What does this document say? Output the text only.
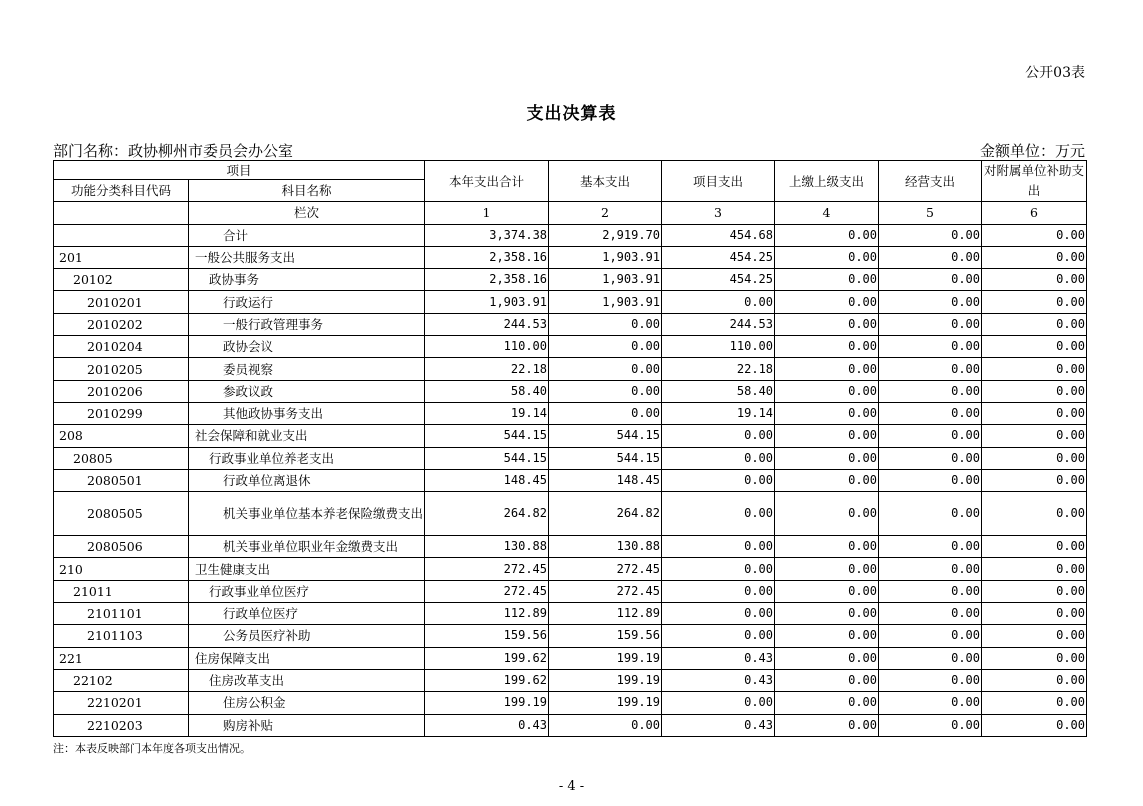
公开03表
支出决算表
部门名称：政协柳州市委员会办公室	金额单位：万元
项目		本年支出合计	基本支出	项目支出	上缴上级支出	经营支出	对附属单位补助支出
功能分类科目代码	科目名称						
	栏次	1	2	3	4	5	6
	合计	3,374.38	2,919.70	454.68	0.00	0.00	0.00
201	一般公共服务支出	2,358.16	1,903.91	454.25	0.00	0.00	0.00
20102	政协事务	2,358.16	1,903.91	454.25	0.00	0.00	0.00
2010201	行政运行	1,903.91	1,903.91	0.00	0.00	0.00	0.00
2010202	一般行政管理事务	244.53	0.00	244.53	0.00	0.00	0.00
2010204	政协会议	110.00	0.00	110.00	0.00	0.00	0.00
2010205	委员视察	22.18	0.00	22.18	0.00	0.00	0.00
2010206	参政议政	58.40	0.00	58.40	0.00	0.00	0.00
2010299	其他政协事务支出	19.14	0.00	19.14	0.00	0.00	0.00
208	社会保障和就业支出	544.15	544.15	0.00	0.00	0.00	0.00
20805	行政事业单位养老支出	544.15	544.15	0.00	0.00	0.00	0.00
2080501	行政单位离退休	148.45	148.45	0.00	0.00	0.00	0.00
2080505	机关事业单位基本养老保险缴费支出	264.82	264.82	0.00	0.00	0.00	0.00
2080506	机关事业单位职业年金缴费支出	130.88	130.88	0.00	0.00	0.00	0.00
210	卫生健康支出	272.45	272.45	0.00	0.00	0.00	0.00
21011	行政事业单位医疗	272.45	272.45	0.00	0.00	0.00	0.00
2101101	行政单位医疗	112.89	112.89	0.00	0.00	0.00	0.00
2101103	公务员医疗补助	159.56	159.56	0.00	0.00	0.00	0.00
221	住房保障支出	199.62	199.19	0.43	0.00	0.00	0.00
22102	住房改革支出	199.62	199.19	0.43	0.00	0.00	0.00
2210201	住房公积金	199.19	199.19	0.00	0.00	0.00	0.00
2210203	购房补贴	0.43	0.00	0.43	0.00	0.00	0.00
注：本表反映部门本年度各项支出情况。
- 4 -
